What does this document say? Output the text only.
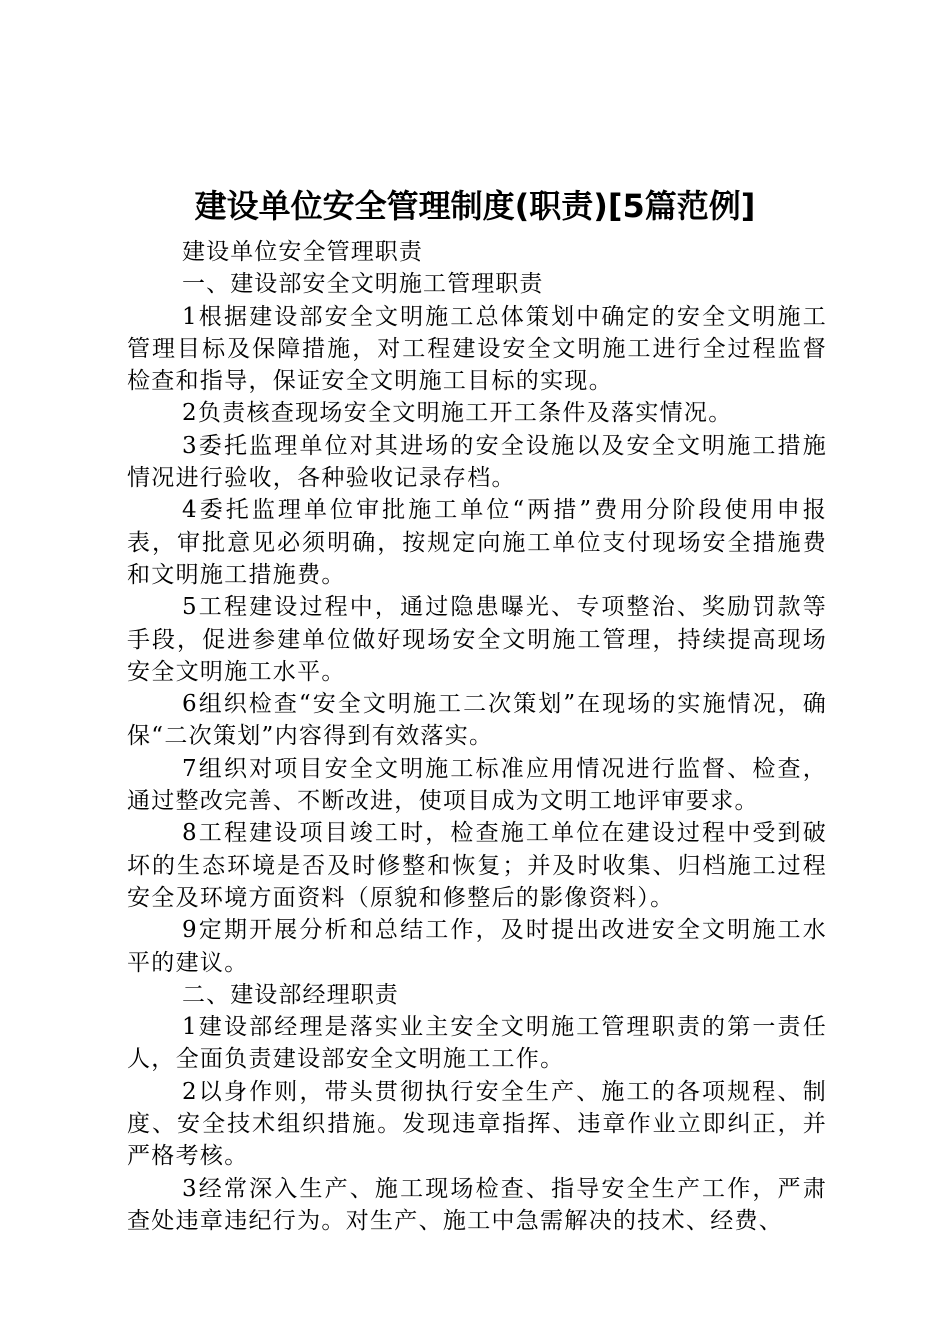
建设单位安全管理制度(职责)[5篇范例]

建设单位安全管理职责

一、建设部安全文明施工管理职责

1根据建设部安全文明施工总体策划中确定的安全文明施工管理目标及保障措施，对工程建设安全文明施工进行全过程监督检查和指导，保证安全文明施工目标的实现。

2负责核查现场安全文明施工开工条件及落实情况。

3委托监理单位对其进场的安全设施以及安全文明施工措施情况进行验收，各种验收记录存档。

4委托监理单位审批施工单位“两措”费用分阶段使用申报表，审批意见必须明确，按规定向施工单位支付现场安全措施费和文明施工措施费。

5工程建设过程中，通过隐患曝光、专项整治、奖励罚款等手段，促进参建单位做好现场安全文明施工管理，持续提高现场安全文明施工水平。

6组织检查“安全文明施工二次策划”在现场的实施情况，确保“二次策划”内容得到有效落实。

7组织对项目安全文明施工标准应用情况进行监督、检查，通过整改完善、不断改进，使项目成为文明工地评审要求。

8工程建设项目竣工时，检查施工单位在建设过程中受到破坏的生态环境是否及时修整和恢复；并及时收集、归档施工过程安全及环境方面资料（原貌和修整后的影像资料）。

9定期开展分析和总结工作，及时提出改进安全文明施工水平的建议。

二、建设部经理职责

1建设部经理是落实业主安全文明施工管理职责的第一责任人，全面负责建设部安全文明施工工作。

2以身作则，带头贯彻执行安全生产、施工的各项规程、制度、安全技术组织措施。发现违章指挥、违章作业立即纠正，并严格考核。

3经常深入生产、施工现场检查、指导安全生产工作，严肃查处违章违纪行为。对生产、施工中急需解决的技术、经费、
